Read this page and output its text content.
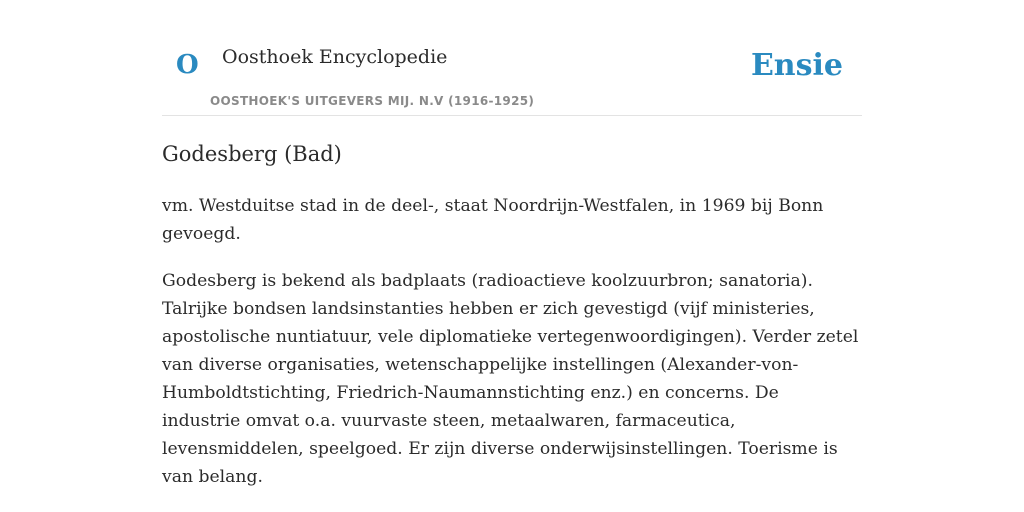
O Oosthoek Encyclopedie
OOSTHOEK'S UITGEVERS MIJ. N.V (1916-1925)
Ensie
Godesberg (Bad)

vm. Westduitse stad in de deel-, staat Noordrijn-Westfalen, in 1969 bij Bonn gevoegd.

Godesberg is bekend als badplaats (radioactieve koolzuurbron; sanatoria). Talrijke bondsen landsinstanties hebben er zich gevestigd (vijf ministeries, apostolische nuntiatuur, vele diplomatieke vertegenwoordigingen). Verder zetel van diverse organisaties, wetenschappelijke instellingen (Alexander-von-Humboldtstichting, Friedrich-Naumannstichting enz.) en concerns. De industrie omvat o.a. vuurvaste steen, metaalwaren, farmaceutica, levensmiddelen, speelgoed. Er zijn diverse onderwijsinstellingen. Toerisme is van belang.
